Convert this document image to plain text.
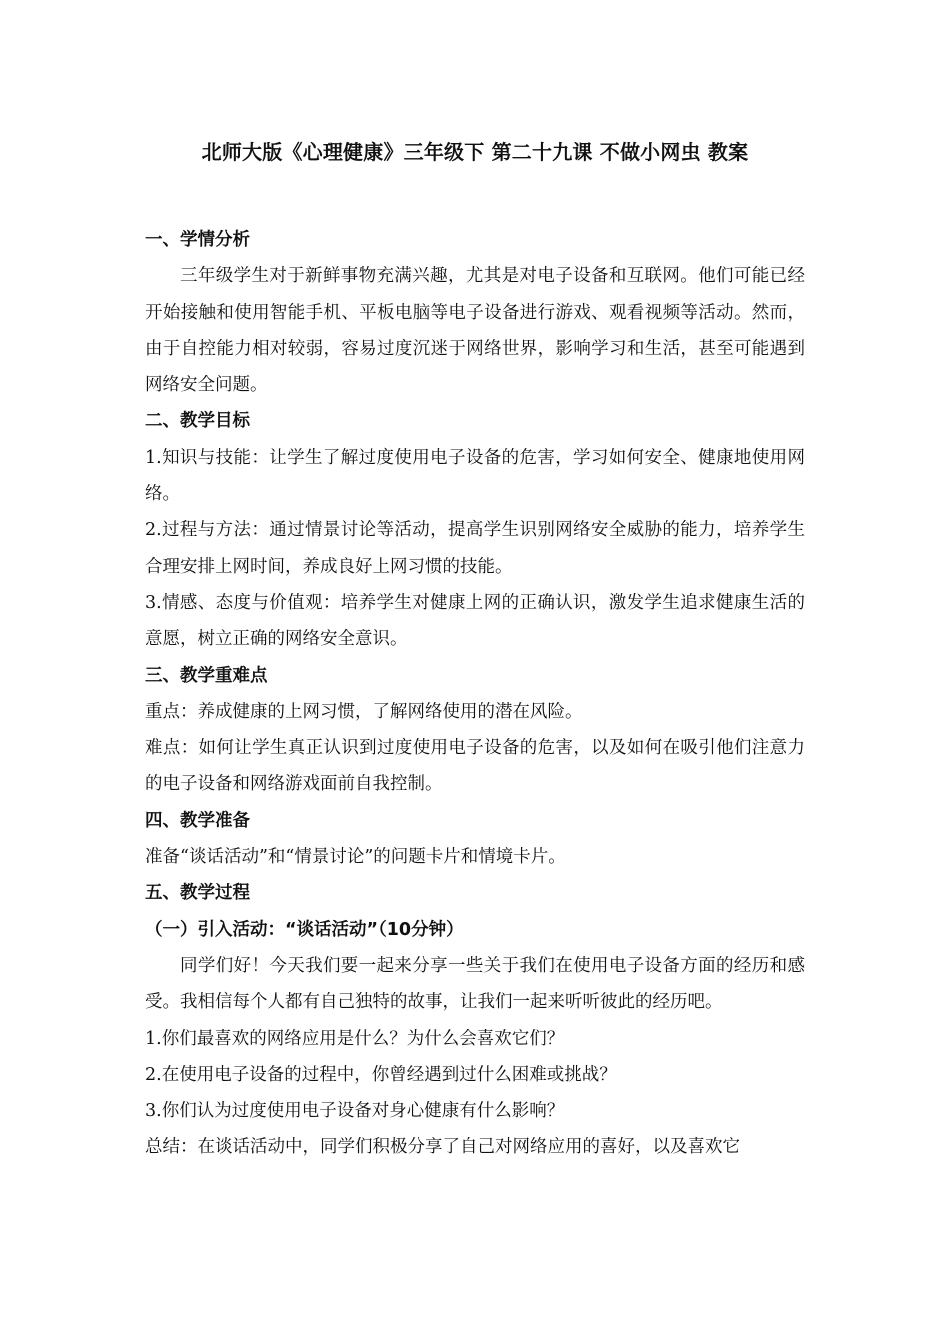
北师大版《心理健康》三年级下 第二十九课 不做小网虫 教案

一、学情分析

三年级学生对于新鲜事物充满兴趣，尤其是对电子设备和互联网。他们可能已经开始接触和使用智能手机、平板电脑等电子设备进行游戏、观看视频等活动。然而，由于自控能力相对较弱，容易过度沉迷于网络世界，影响学习和生活，甚至可能遇到网络安全问题。

二、教学目标

1.知识与技能：让学生了解过度使用电子设备的危害，学习如何安全、健康地使用网络。

2.过程与方法：通过情景讨论等活动，提高学生识别网络安全威胁的能力，培养学生合理安排上网时间，养成良好上网习惯的技能。

3.情感、态度与价值观：培养学生对健康上网的正确认识，激发学生追求健康生活的意愿，树立正确的网络安全意识。

三、教学重难点

重点：养成健康的上网习惯，了解网络使用的潜在风险。

难点：如何让学生真正认识到过度使用电子设备的危害，以及如何在吸引他们注意力的电子设备和网络游戏面前自我控制。

四、教学准备

准备“谈话活动”和“情景讨论”的问题卡片和情境卡片。

五、教学过程

（一）引入活动：“谈话活动”（10分钟）

同学们好！今天我们要一起来分享一些关于我们在使用电子设备方面的经历和感受。我相信每个人都有自己独特的故事，让我们一起来听听彼此的经历吧。

1.你们最喜欢的网络应用是什么？为什么会喜欢它们？

2.在使用电子设备的过程中，你曾经遇到过什么困难或挑战？

3.你们认为过度使用电子设备对身心健康有什么影响？

总结：在谈话活动中，同学们积极分享了自己对网络应用的喜好，以及喜欢它
